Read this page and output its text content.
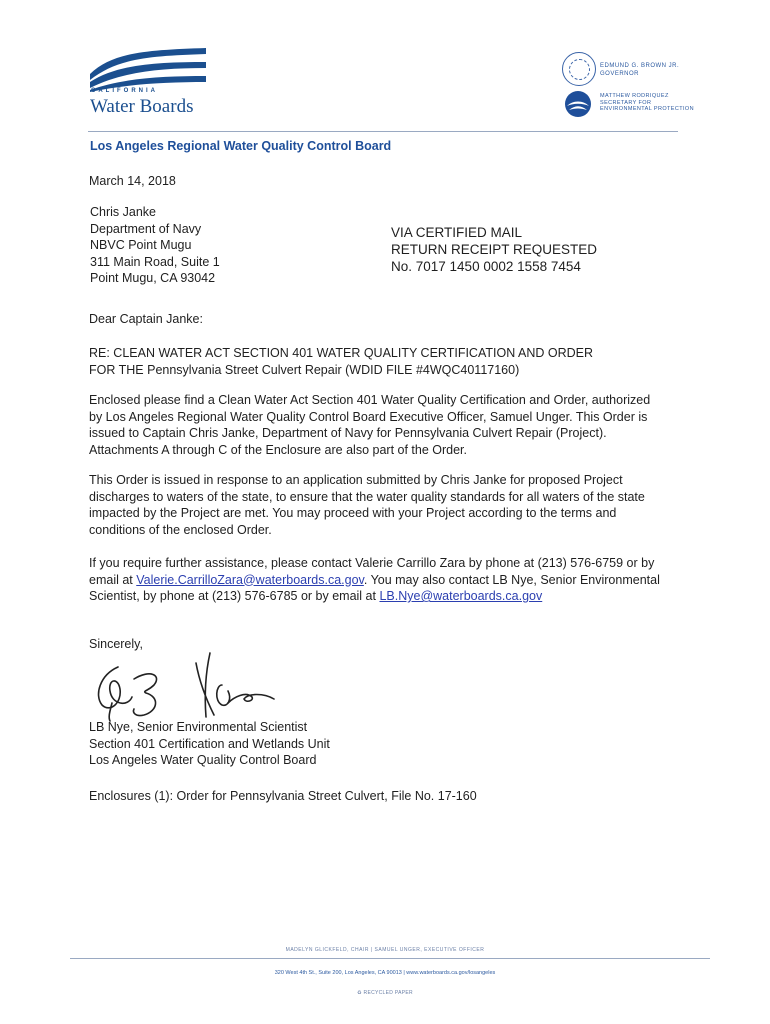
CALIFORNIA
Water Boards
EDMUND G. BROWN JR.
GOVERNOR
MATTHEW RODRIQUEZ
SECRETARY FOR
ENVIRONMENTAL PROTECTION
Los Angeles Regional Water Quality Control Board
March 14, 2018
Chris Janke
Department of Navy
NBVC Point Mugu
311 Main Road, Suite 1
Point Mugu, CA 93042
VIA CERTIFIED MAIL
RETURN RECEIPT REQUESTED
No. 7017 1450 0002 1558 7454
Dear Captain Janke:
RE: CLEAN WATER ACT SECTION 401 WATER QUALITY CERTIFICATION AND ORDER
FOR THE Pennsylvania Street Culvert Repair (WDID FILE #4WQC40117160)
Enclosed please find a Clean Water Act Section 401 Water Quality Certification and Order, authorized by Los Angeles Regional Water Quality Control Board Executive Officer, Samuel Unger. This Order is issued to Captain Chris Janke, Department of Navy for Pennsylvania Culvert Repair (Project). Attachments A through C of the Enclosure are also part of the Order.
This Order is issued in response to an application submitted by Chris Janke for proposed Project discharges to waters of the state, to ensure that the water quality standards for all waters of the state impacted by the Project are met. You may proceed with your Project according to the terms and conditions of the enclosed Order.
If you require further assistance, please contact Valerie Carrillo Zara by phone at (213) 576-6759 or by email at Valerie.CarrilloZara@waterboards.ca.gov. You may also contact LB Nye, Senior Environmental Scientist, by phone at (213) 576-6785 or by email at LB.Nye@waterboards.ca.gov
Sincerely,
LB Nye, Senior Environmental Scientist
Section 401 Certification and Wetlands Unit
Los Angeles Water Quality Control Board
Enclosures (1): Order for Pennsylvania Street Culvert, File No. 17-160
MADELYN GLICKFELD, CHAIR | SAMUEL UNGER, EXECUTIVE OFFICER
320 West 4th St., Suite 200, Los Angeles, CA 90013 | www.waterboards.ca.gov/losangeles
♻ RECYCLED PAPER
